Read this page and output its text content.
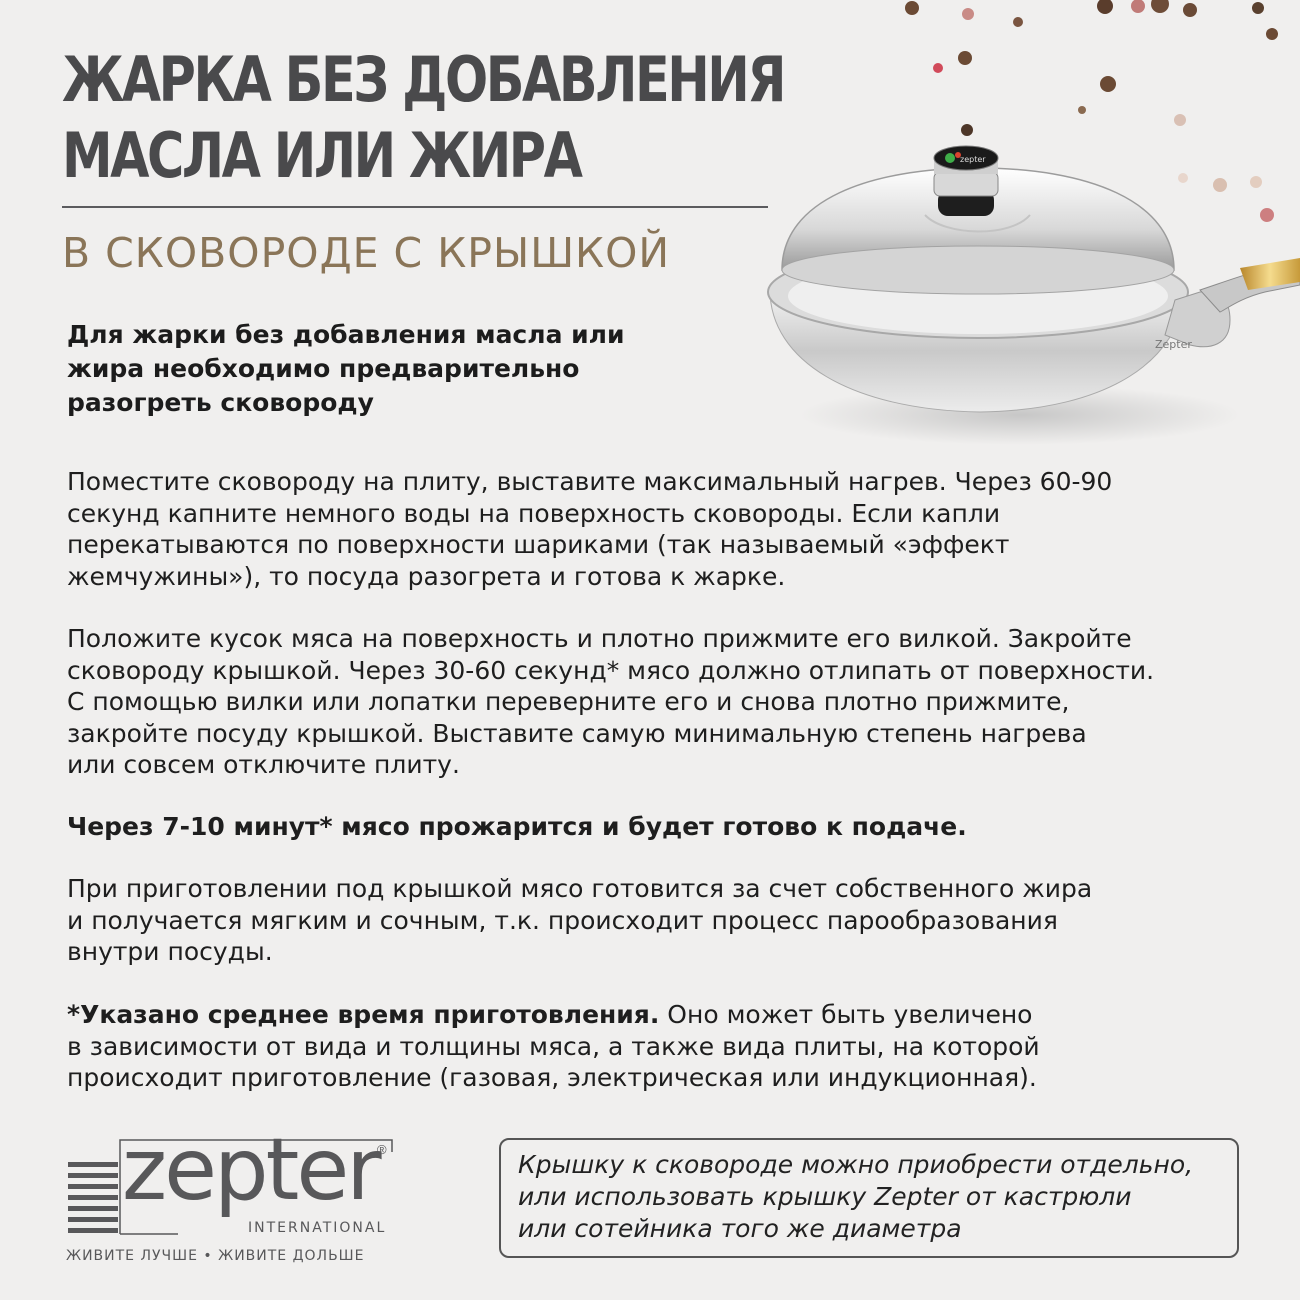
ЖАРКА БЕЗ ДОБАВЛЕНИЯ
МАСЛА ИЛИ ЖИРА
В СКОВОРОДЕ С КРЫШКОЙ
Для жарки без добавления масла или жира необходимо предварительно разогреть сковороду
Поместите сковороду на плиту, выставите максимальный нагрев. Через 60-90
секунд капните немного воды на поверхность сковороды. Если капли
перекатываются по поверхности шариками (так называемый «эффект
жемчужины»), то посуда разогрета и готова к жарке.
Положите кусок мяса на поверхность и плотно прижмите его вилкой. Закройте
сковороду крышкой. Через 30-60 секунд* мясо должно отлипать от поверхности.
С помощью вилки или лопатки переверните его и снова плотно прижмите,
закройте посуду крышкой. Выставите самую минимальную степень нагрева
или совсем отключите плиту.
Через 7-10 минут* мясо прожарится и будет готово к подаче.
При приготовлении под крышкой мясо готовится за счет собственного жира
и получается мягким и сочным, т.к. происходит процесс парообразования
внутри посуды.
*Указано среднее время приготовления. Оно может быть увеличено
в зависимости от вида и толщины мяса, а также вида плиты, на которой
происходит приготовление (газовая, электрическая или индукционная).
Zepter
zepter
zepter
®
INTERNATIONAL
ЖИВИТЕ ЛУЧШЕ • ЖИВИТЕ ДОЛЬШЕ
Крышку к сковороде можно приобрести отдельно,
или использовать крышку Zepter от кастрюли
или сотейника того же диаметра
